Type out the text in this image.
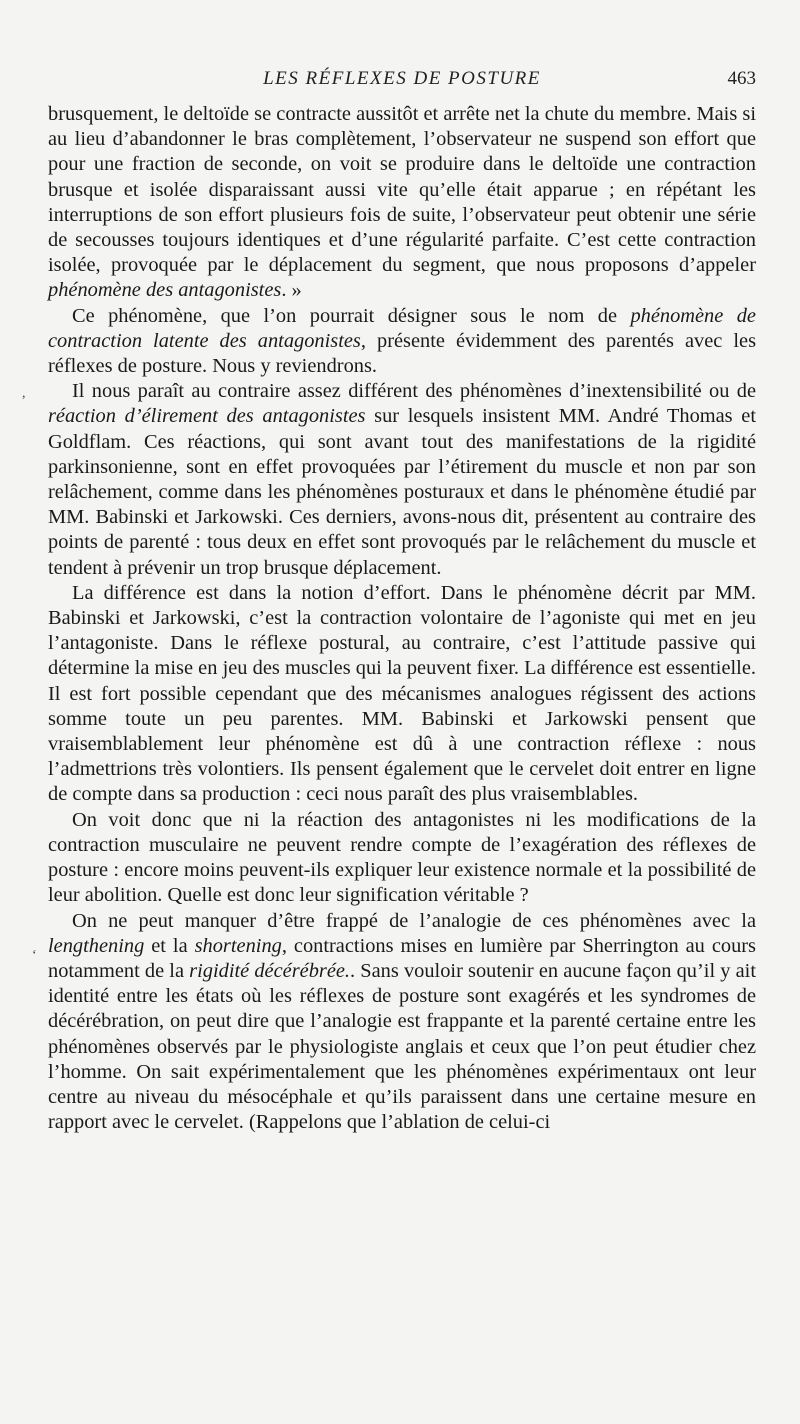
LES RÉFLEXES DE POSTURE	463

brusquement, le deltoïde se contracte aussitôt et arrête net la chute du membre. Mais si au lieu d’abandonner le bras complètement, l’observateur ne suspend son effort que pour une fraction de seconde, on voit se produire dans le deltoïde une contraction brusque et isolée disparaissant aussi vite qu’elle était apparue ; en répétant les interruptions de son effort plusieurs fois de suite, l’observateur peut obtenir une série de secousses toujours identiques et d’une régularité parfaite. C’est cette contraction isolée, provoquée par le déplacement du segment, que nous proposons d’appeler phénomène des antagonistes. »

Ce phénomène, que l’on pourrait désigner sous le nom de phénomène de contraction latente des antagonistes, présente évidemment des parentés avec les réflexes de posture. Nous y reviendrons.

Il nous paraît au contraire assez différent des phénomènes d’inextensibilité ou de réaction d’élirement des antagonistes sur lesquels insistent MM. André Thomas et Goldflam. Ces réactions, qui sont avant tout des manifestations de la rigidité parkinsonienne, sont en effet provoquées par l’étirement du muscle et non par son relâchement, comme dans les phénomènes posturaux et dans le phénomène étudié par MM. Babinski et Jarkowski. Ces derniers, avons-nous dit, présentent au contraire des points de parenté : tous deux en effet sont provoqués par le relâchement du muscle et tendent à prévenir un trop brusque déplacement.

La différence est dans la notion d’effort. Dans le phénomène décrit par MM. Babinski et Jarkowski, c’est la contraction volontaire de l’agoniste qui met en jeu l’antagoniste. Dans le réflexe postural, au contraire, c’est l’attitude passive qui détermine la mise en jeu des muscles qui la peuvent fixer. La différence est essentielle. Il est fort possible cependant que des mécanismes analogues régissent des actions somme toute un peu parentes. MM. Babinski et Jarkowski pensent que vraisemblablement leur phénomène est dû à une contraction réflexe : nous l’admettrions très volontiers. Ils pensent également que le cervelet doit entrer en ligne de compte dans sa production : ceci nous paraît des plus vraisemblables.

On voit donc que ni la réaction des antagonistes ni les modifications de la contraction musculaire ne peuvent rendre compte de l’exagération des réflexes de posture : encore moins peuvent-ils expliquer leur existence normale et la possibilité de leur abolition. Quelle est donc leur signification véritable ?

On ne peut manquer d’être frappé de l’analogie de ces phénomènes avec la lengthening et la shortening, contractions mises en lumière par Sherrington au cours notamment de la rigidité décérébrée.. Sans vouloir soutenir en aucune façon qu’il y ait identité entre les états où les réflexes de posture sont exagérés et les syndromes de décérébration, on peut dire que l’analogie est frappante et la parenté certaine entre les phénomènes observés par le physiologiste anglais et ceux que l’on peut étudier chez l’homme. On sait expérimentalement que les phénomènes expérimentaux ont leur centre au niveau du mésocéphale et qu’ils paraissent dans une certaine mesure en rapport avec le cervelet. (Rappelons que l’ablation de celui-ci

,
‘
